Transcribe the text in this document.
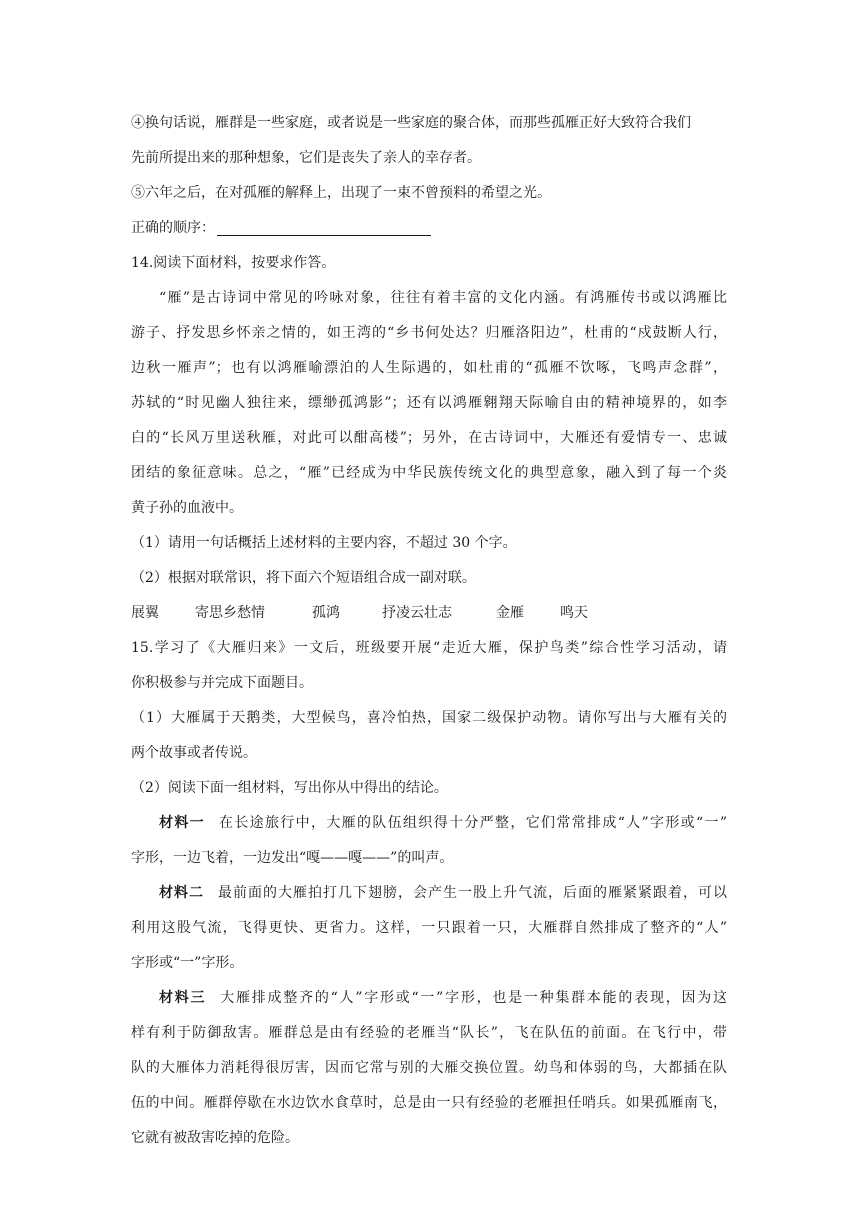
④换句话说，雁群是一些家庭，或者说是一些家庭的聚合体，而那些孤雁正好大致符合我们
先前所提出来的那种想象，它们是丧失了亲人的幸存者。
⑤六年之后，在对孤雁的解释上，出现了一束不曾预料的希望之光。
正确的顺序：
14.阅读下面材料，按要求作答。
“雁”是古诗词中常见的吟咏对象，往往有着丰富的文化内涵。有鸿雁传书或以鸿雁比
游子、抒发思乡怀亲之情的，如王湾的“乡书何处达？归雁洛阳边”，杜甫的“戍鼓断人行，
边秋一雁声”；也有以鸿雁喻漂泊的人生际遇的，如杜甫的“孤雁不饮啄，飞鸣声念群”，
苏轼的“时见幽人独往来，缥缈孤鸿影”；还有以鸿雁翱翔天际喻自由的精神境界的，如李
白的“长风万里送秋雁，对此可以酣高楼”；另外，在古诗词中，大雁还有爱情专一、忠诚
团结的象征意味。总之，“雁”已经成为中华民族传统文化的典型意象，融入到了每一个炎
黄子孙的血液中。
（1）请用一句话概括上述材料的主要内容，不超过 30 个字。
（2）根据对联常识，将下面六个短语组合成一副对联。
展翼	寄思乡愁情	孤鸿	抒凌云壮志	金雁	鸣天
15.学习了《大雁归来》一文后，班级要开展“走近大雁，保护鸟类”综合性学习活动，请
你积极参与并完成下面题目。
（1）大雁属于天鹅类，大型候鸟，喜冷怕热，国家二级保护动物。请你写出与大雁有关的
两个故事或者传说。
（2）阅读下面一组材料，写出你从中得出的结论。
材料一 在长途旅行中，大雁的队伍组织得十分严整，它们常常排成“人”字形或“一”
字形，一边飞着，一边发出“嘎——嘎——”的叫声。
材料二 最前面的大雁拍打几下翅膀，会产生一股上升气流，后面的雁紧紧跟着，可以
利用这股气流，飞得更快、更省力。这样，一只跟着一只，大雁群自然排成了整齐的“人”
字形或“一”字形。
材料三 大雁排成整齐的“人”字形或“一”字形，也是一种集群本能的表现，因为这
样有利于防御敌害。雁群总是由有经验的老雁当“队长”，飞在队伍的前面。在飞行中，带
队的大雁体力消耗得很厉害，因而它常与别的大雁交换位置。幼鸟和体弱的鸟，大都插在队
伍的中间。雁群停歇在水边饮水食草时，总是由一只有经验的老雁担任哨兵。如果孤雁南飞，
它就有被敌害吃掉的危险。
